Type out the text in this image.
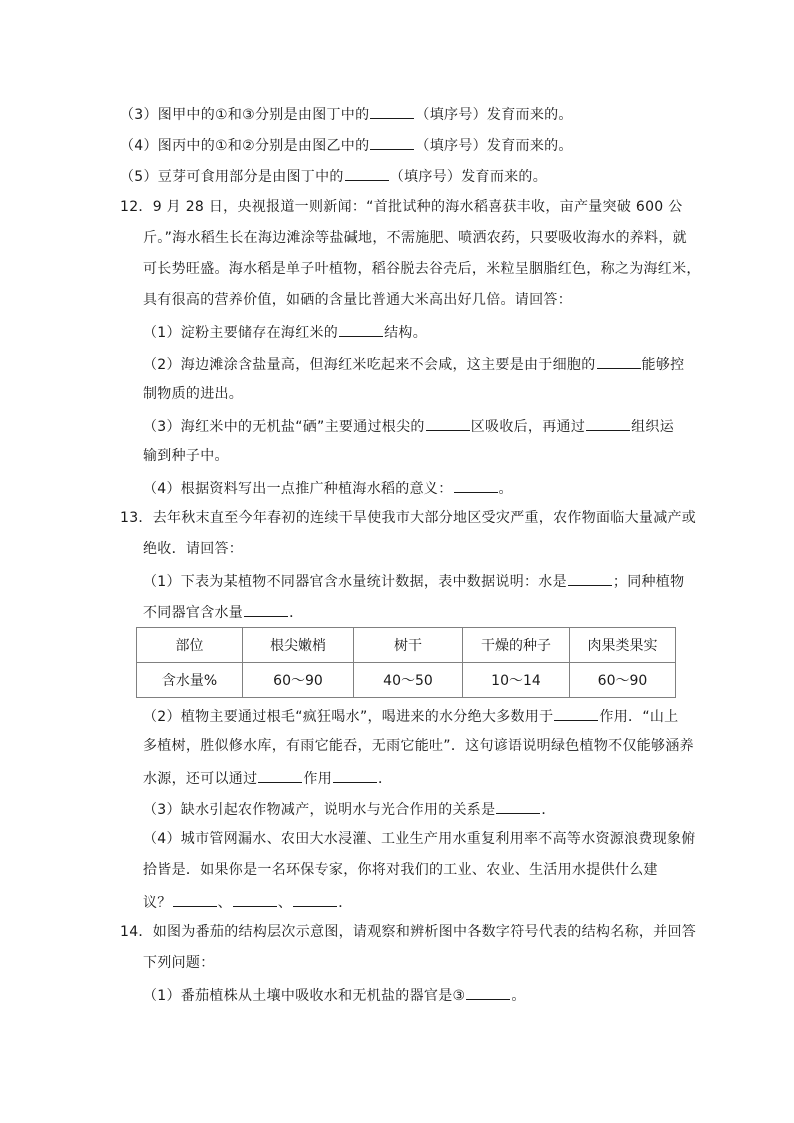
（3）图甲中的①和③分别是由图丁中的	（填序号）发育而来的。
（4）图丙中的①和②分别是由图乙中的	（填序号）发育而来的。
（5）豆芽可食用部分是由图丁中的	（填序号）发育而来的。
12．9 月 28 日，央视报道一则新闻：“首批试种的海水稻喜获丰收，亩产量突破 600 公
斤。”海水稻生长在海边滩涂等盐碱地，不需施肥、喷洒农药，只要吸收海水的养料，就
可长势旺盛。海水稻是单子叶植物，稻谷脱去谷壳后，米粒呈胭脂红色，称之为海红米，
具有很高的营养价值，如硒的含量比普通大米高出好几倍。请回答：
（1）淀粉主要储存在海红米的	结构。
（2）海边滩涂含盐量高，但海红米吃起来不会咸，这主要是由于细胞的	能够控
制物质的进出。
（3）海红米中的无机盐“硒”主要通过根尖的	区吸收后，再通过	组织运
输到种子中。
（4）根据资料写出一点推广种植海水稻的意义：	。
13．去年秋末直至今年春初的连续干旱使我市大部分地区受灾严重，农作物面临大量减产或
绝收．请回答：
（1）下表为某植物不同器官含水量统计数据，表中数据说明：水是	；同种植物
不同器官含水量	．
部位	根尖嫩梢	树干	干燥的种子	肉果类果实
含水量%	60～90	40～50	10～14	60～90
（2）植物主要通过根毛“疯狂喝水”，喝进来的水分绝大多数用于	作用．“山上
多植树，胜似修水库，有雨它能吞，无雨它能吐”．这句谚语说明绿色植物不仅能够涵养
水源，还可以通过	作用	．
（3）缺水引起农作物减产，说明水与光合作用的关系是	．
（4）城市管网漏水、农田大水浸灌、工业生产用水重复利用率不高等水资源浪费现象俯
拾皆是．如果你是一名环保专家，你将对我们的工业、农业、生活用水提供什么建
议？	、	、	．
14．如图为番茄的结构层次示意图，请观察和辨析图中各数字符号代表的结构名称，并回答
下列问题：
（1）番茄植株从土壤中吸收水和无机盐的器官是③	。
